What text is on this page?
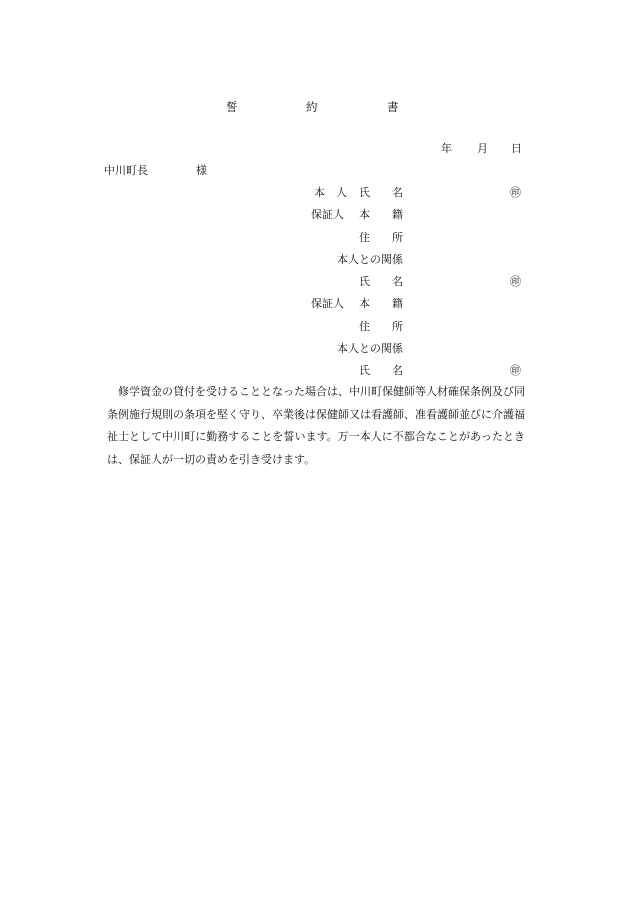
誓	約	書
年 月 日
中川町長	様
本　人 氏　　名	㊞
保証人 本　　籍
住　　所
本人との関係
氏　　名	㊞
保証人 本　　籍
住　　所
本人との関係
氏　　名	㊞
修学資金の貸付を受けることとなった場合は、中川町保健師等人材確保条例及び同条例施行規則の条項を堅く守り、卒業後は保健師又は看護師、准看護師並びに介護福祉士として中川町に勤務することを誓います。万一本人に不都合なことがあったときは、保証人が一切の責めを引き受けます。
